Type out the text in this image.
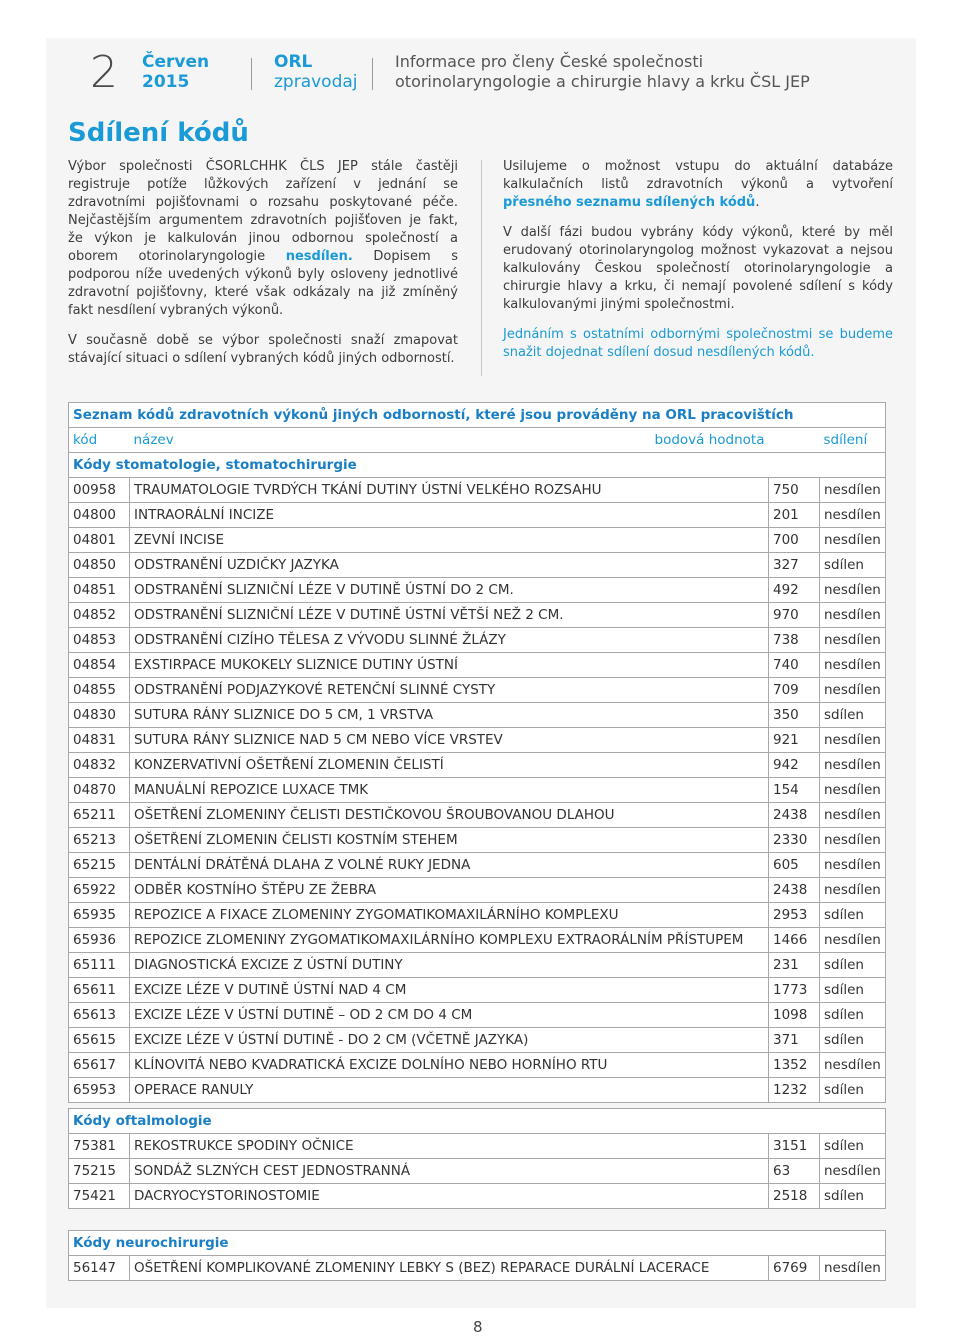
2 Červen
2015
ORL
zpravodaj
Informace pro členy České společnosti
otorinolaryngologie a chirurgie hlavy a krku ČSL JEP
Sdílení kódů

Výbor společnosti ČSORLCHHK ČLS JEP stále častěji registruje potíže lůžkových zařízení v jednání se zdravotními pojišťovnami o rozsahu poskytované péče. Nejčastějším argumentem zdravotních pojišťoven je fakt, že výkon je kalkulován jinou odbornou společností a oborem otorinolaryngologie nesdílen. Dopisem s podporou níže uvedených výkonů byly osloveny jednotlivé zdravotní pojišťovny, které však odkázaly na již zmíněný fakt nesdílení vybraných výkonů.

V současně době se výbor společnosti snaží zmapovat stávající situaci o sdílení vybraných kódů jiných odborností.

Usilujeme o možnost vstupu do aktuální databáze kalkulačních listů zdravotních výkonů a vytvoření přesného seznamu sdílených kódů.

V další fázi budou vybrány kódy výkonů, které by měl erudovaný otorinolaryngolog možnost vykazovat a nejsou kalkulovány Českou společností otorinolaryngologie a chirurgie hlavy a krku, či nemají povolené sdílení s kódy kalkulovanými jinými společnostmi.

Jednáním s ostatními odbornými společnostmi se budeme snažit dojednat sdílení dosud nesdílených kódů.

Seznam kódů zdravotních výkonů jiných odborností, které jsou prováděny na ORL pracovištích			
kód	název bodová hodnota		sdílení
Kódy stomatologie, stomatochirurgie			
00958	TRAUMATOLOGIE TVRDÝCH TKÁNÍ DUTINY ÚSTNÍ VELKÉHO ROZSAHU	750	nesdílen
04800	INTRAORÁLNÍ INCIZE	201	nesdílen
04801	ZEVNÍ INCISE	700	nesdílen
04850	ODSTRANĚNÍ UZDIČKY JAZYKA	327	sdílen
04851	ODSTRANĚNÍ SLIZNIČNÍ LÉZE V DUTINĚ ÚSTNÍ DO 2 CM.	492	nesdílen
04852	ODSTRANĚNÍ SLIZNIČNÍ LÉZE V DUTINĚ ÚSTNÍ VĚTŠÍ NEŽ 2 CM.	970	nesdílen
04853	ODSTRANĚNÍ CIZÍHO TĚLESA Z VÝVODU SLINNÉ ŽLÁZY	738	nesdílen
04854	EXSTIRPACE MUKOKELY SLIZNICE DUTINY ÚSTNÍ	740	nesdílen
04855	ODSTRANĚNÍ PODJAZYKOVÉ RETENČNÍ SLINNÉ CYSTY	709	nesdílen
04830	SUTURA RÁNY SLIZNICE DO 5 CM, 1 VRSTVA	350	sdílen
04831	SUTURA RÁNY SLIZNICE NAD 5 CM NEBO VÍCE VRSTEV	921	nesdílen
04832	KONZERVATIVNÍ OŠETŘENÍ ZLOMENIN ČELISTÍ	942	nesdílen
04870	MANUÁLNÍ REPOZICE LUXACE TMK	154	nesdílen
65211	OŠETŘENÍ ZLOMENINY ČELISTI DESTIČKOVOU ŠROUBOVANOU DLAHOU	2438	nesdílen
65213	OŠETŘENÍ ZLOMENIN ČELISTI KOSTNÍM STEHEM	2330	nesdílen
65215	DENTÁLNÍ DRÁTĚNÁ DLAHA Z VOLNÉ RUKY JEDNA	605	nesdílen
65922	ODBĚR KOSTNÍHO ŠTĚPU ZE ŽEBRA	2438	nesdílen
65935	REPOZICE A FIXACE ZLOMENINY ZYGOMATIKOMAXILÁRNÍHO KOMPLEXU	2953	sdílen
65936	REPOZICE ZLOMENINY ZYGOMATIKOMAXILÁRNÍHO KOMPLEXU EXTRAORÁLNÍM PŘÍSTUPEM	1466	nesdílen
65111	DIAGNOSTICKÁ EXCIZE Z ÚSTNÍ DUTINY	231	sdílen
65611	EXCIZE LÉZE V DUTINĚ ÚSTNÍ NAD 4 CM	1773	sdílen
65613	EXCIZE LÉZE V ÚSTNÍ DUTINĚ – OD 2 CM DO 4 CM	1098	sdílen
65615	EXCIZE LÉZE V ÚSTNÍ DUTINĚ - DO 2 CM (VČETNĚ JAZYKA)	371	sdílen
65617	KLÍNOVITÁ NEBO KVADRATICKÁ EXCIZE DOLNÍHO NEBO HORNÍHO RTU	1352	nesdílen
65953	OPERACE RANULY	1232	sdílen
Kódy oftalmologie			
75381	REKOSTRUKCE SPODINY OČNICE	3151	sdílen
75215	SONDÁŽ SLZNÝCH CEST JEDNOSTRANNÁ	63	nesdílen
75421	DACRYOCYSTORINOSTOMIE	2518	sdílen
Kódy neurochirurgie
56147	OŠETŘENÍ KOMPLIKOVANÉ ZLOMENINY LEBKY S (BEZ) REPARACE DURÁLNÍ LACERACE	6769	nesdílen
8
